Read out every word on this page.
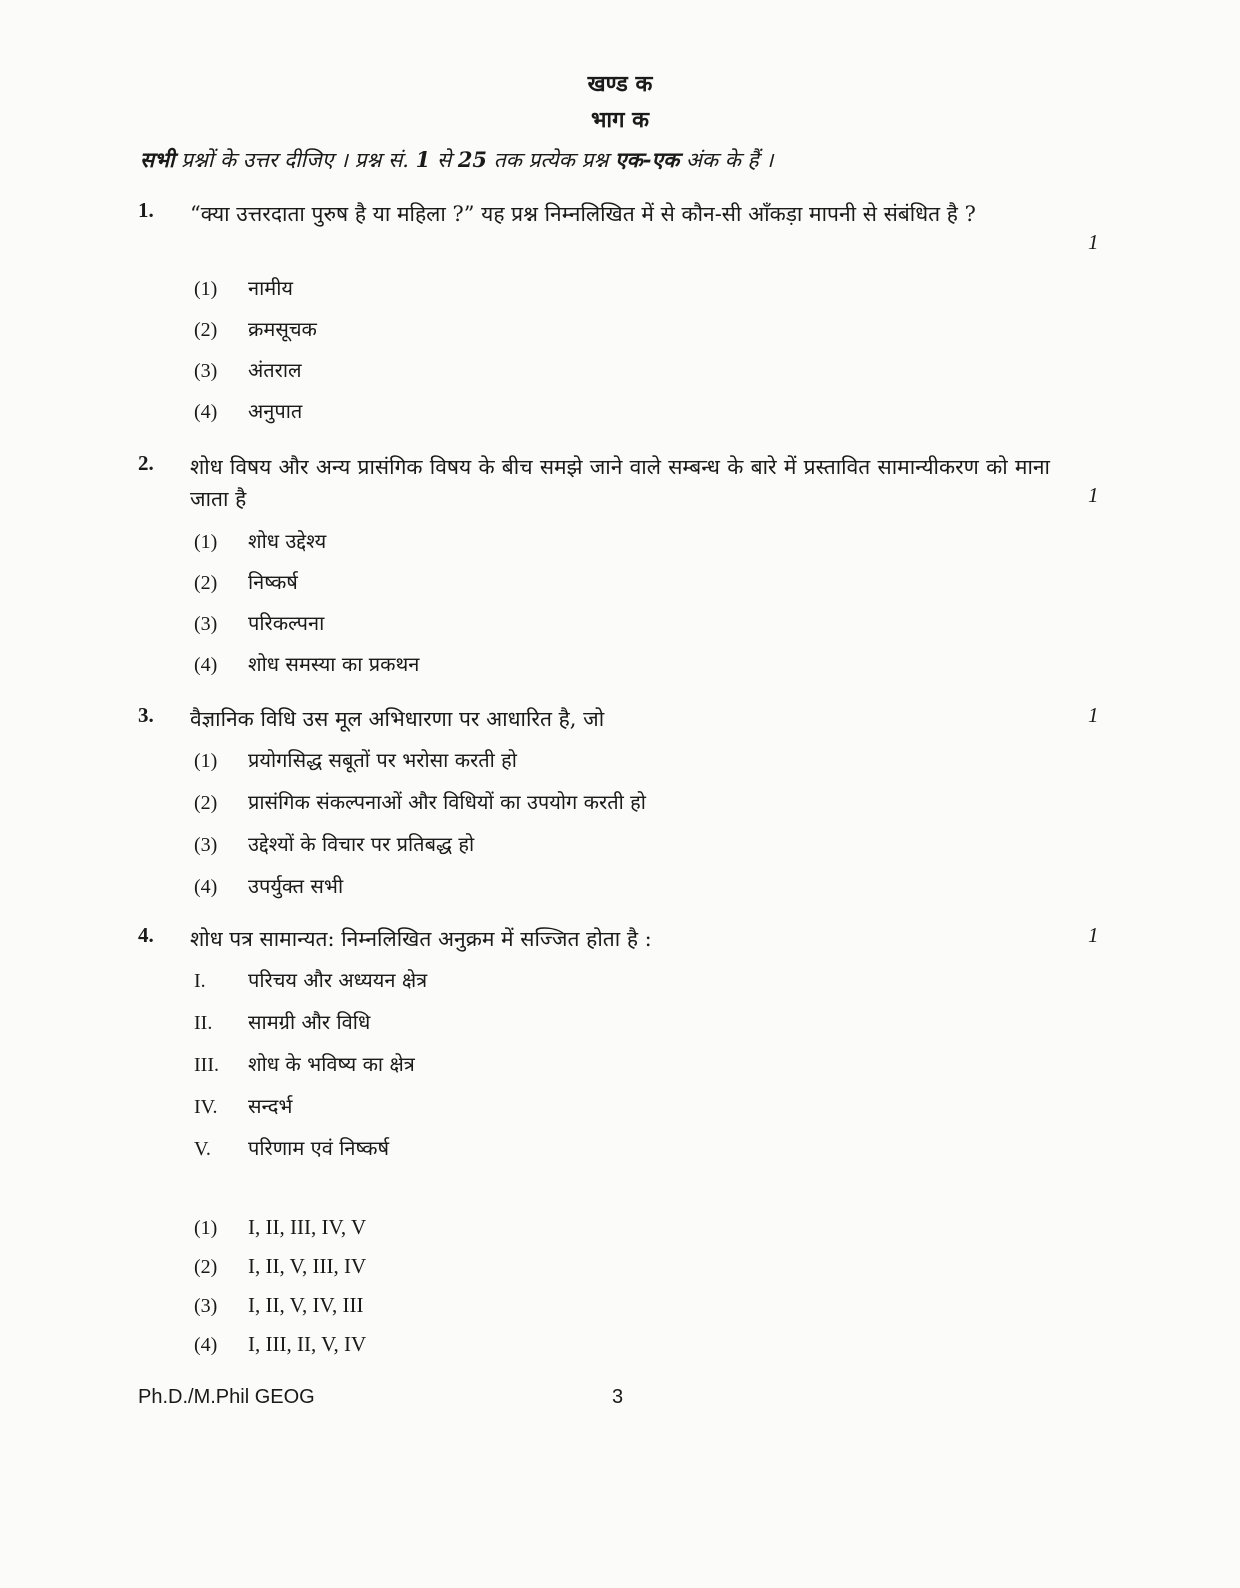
खण्ड क
भाग क
सभी प्रश्नों के उत्तर दीजिए । प्रश्न सं. 1 से 25 तक प्रत्येक प्रश्न एक-एक अंक के हैं ।
1. “क्या उत्तरदाता पुरुष है या महिला ?” यह प्रश्न निम्नलिखित में से कौन-सी आँकड़ा मापनी से संबंधित है ?
1
(1) नामीय
(2) क्रमसूचक
(3) अंतराल
(4) अनुपात
2. शोध विषय और अन्य प्रासंगिक विषय के बीच समझे जाने वाले सम्बन्ध के बारे में प्रस्तावित सामान्यीकरण को माना जाता है	1
(1) शोध उद्देश्य
(2) निष्कर्ष
(3) परिकल्पना
(4) शोध समस्या का प्रकथन
3. वैज्ञानिक विधि उस मूल अभिधारणा पर आधारित है, जो	1
(1) प्रयोगसिद्ध सबूतों पर भरोसा करती हो
(2) प्रासंगिक संकल्पनाओं और विधियों का उपयोग करती हो
(3) उद्देश्यों के विचार पर प्रतिबद्ध हो
(4) उपर्युक्त सभी
4. शोध पत्र सामान्यत: निम्नलिखित अनुक्रम में सज्जित होता है :	1
I. परिचय और अध्ययन क्षेत्र
II. सामग्री और विधि
III. शोध के भविष्य का क्षेत्र
IV. सन्दर्भ
V. परिणाम एवं निष्कर्ष
(1) I, II, III, IV, V
(2) I, II, V, III, IV
(3) I, II, V, IV, III
(4) I, III, II, V, IV
Ph.D./M.Phil GEOG	3
